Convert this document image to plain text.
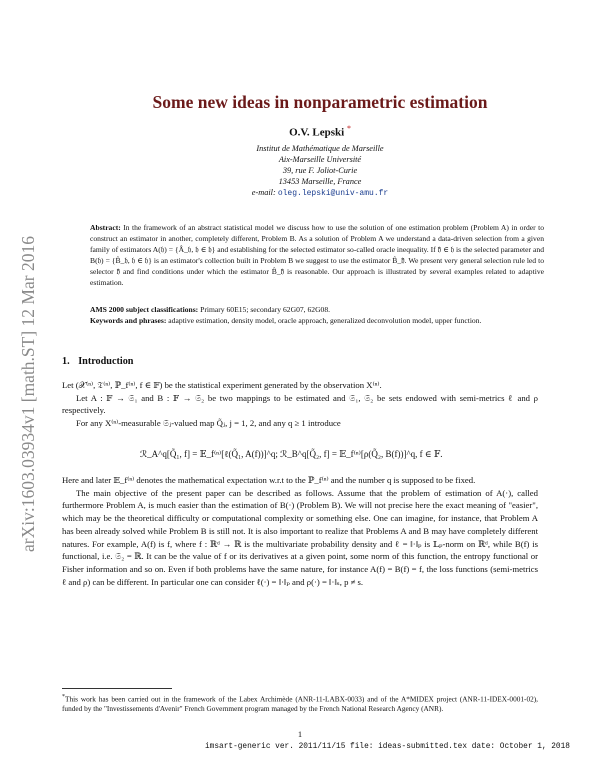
arXiv:1603.03934v1 [math.ST] 12 Mar 2016
Some new ideas in nonparametric estimation
O.V. Lepski *
Institut de Mathématique de Marseille
Aix-Marseille Université
39, rue F. Joliot-Curie
13453 Marseille, France
e-mail: oleg.lepski@univ-amu.fr
Abstract: In the framework of an abstract statistical model we discuss how to use the solution of one estimation problem (Problem A) in order to construct an estimator in another, completely different, Problem B. As a solution of Problem A we understand a data-driven selection from a given family of estimators A(𝔥) = {Â_𝔥, 𝔥 ∈ 𝔥} and establishing for the selected estimator so-called oracle inequality. If 𝔥̂ ∈ 𝔥 is the selected parameter and B(𝔥) = {B̂_𝔥, 𝔥 ∈ 𝔥} is an estimator's collection built in Problem B we suggest to use the estimator B̂_𝔥̂. We present very general selection rule led to selector 𝔥̂ and find conditions under which the estimator B̂_𝔥̂ is reasonable. Our approach is illustrated by several examples related to adaptive estimation.
AMS 2000 subject classifications: Primary 60E15; secondary 62G07, 62G08.
Keywords and phrases: adaptive estimation, density model, oracle approach, generalized deconvolution model, upper function.
1. Introduction

Let (𝒳⁽ⁿ⁾, 𝔗⁽ⁿ⁾, ℙ_f⁽ⁿ⁾, f ∈ 𝔽) be the statistical experiment generated by the observation X⁽ⁿ⁾.

Let A : 𝔽 → 𝔖₁ and B : 𝔽 → 𝔖₂ be two mappings to be estimated and 𝔖₁, 𝔖₂ be sets endowed with semi-metrics ℓ and ρ respectively.

For any X⁽ⁿ⁾-measurable 𝔖ⱼ-valued map Q̃ⱼ, j = 1, 2, and any q ≥ 1 introduce

ℛ_A^q[Q̃₁, f] = 𝔼_f⁽ⁿ⁾[ℓ(Q̃₁, A(f))]^q; ℛ_B^q[Q̃₂, f] = 𝔼_f⁽ⁿ⁾[ρ(Q̃₂, B(f))]^q, f ∈ 𝔽.

Here and later 𝔼_f⁽ⁿ⁾ denotes the mathematical expectation w.r.t to the ℙ_f⁽ⁿ⁾ and the number q is supposed to be fixed.

The main objective of the present paper can be described as follows. Assume that the problem of estimation of A(·), called furthermore Problem A, is much easier than the estimation of B(·) (Problem B). We will not precise here the exact meaning of "easier", which may be the theoretical difficulty or computational complexity or something else. One can imagine, for instance, that Problem A has been already solved while Problem B is still not. It is also important to realize that Problems A and B may have completely different natures. For example, A(f) is f, where f : ℝᵈ → ℝ is the multivariate probability density and ℓ = ‖·‖ₚ is 𝕃ₚ-norm on ℝᵈ, while B(f) is functional, i.e. 𝔖₂ = ℝ. It can be the value of f or its derivatives at a given point, some norm of this function, the entropy functional or Fisher information and so on. Even if both problems have the same nature, for instance A(f) = B(f) = f, the loss functions (semi-metrics ℓ and ρ) can be different. In particular one can consider ℓ(·) = ‖·‖ₚ and ρ(·) = ‖·‖ₛ, p ≠ s.

*This work has been carried out in the framework of the Labex Archimède (ANR-11-LABX-0033) and of the A*MIDEX project (ANR-11-IDEX-0001-02), funded by the "Investissements d'Avenir" French Government program managed by the French National Research Agency (ANR).
1
imsart-generic ver. 2011/11/15 file: ideas-submitted.tex date: October 1, 2018
